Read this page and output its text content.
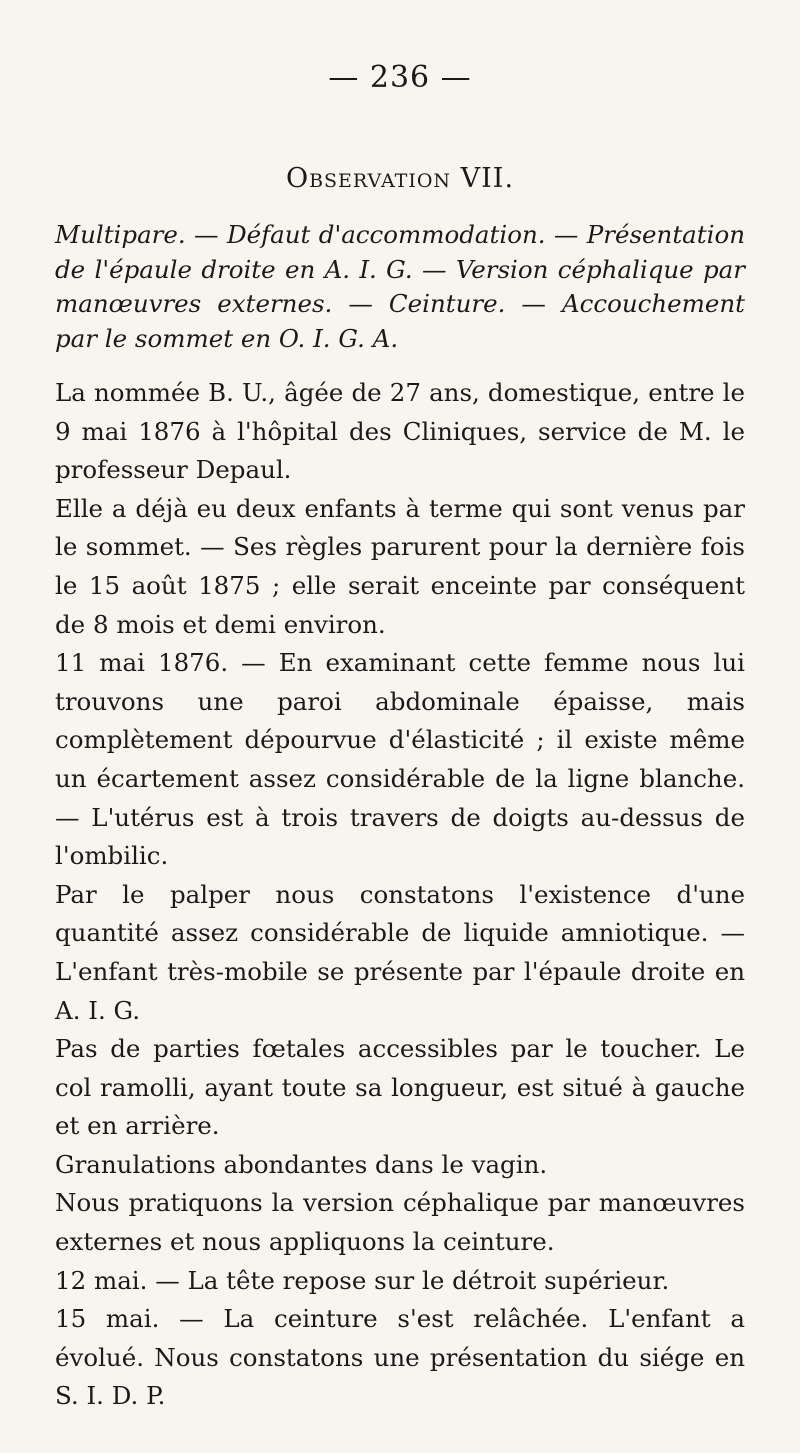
— 236 —
Observation VII.
Multipare. — Défaut d'accommodation. — Présentation de l'épaule droite en A. I. G. — Version céphalique par manœuvres externes. — Ceinture. — Accouchement par le sommet en O. I. G. A.

La nommée B. U., âgée de 27 ans, domestique, entre le 9 mai 1876 à l'hôpital des Cliniques, service de M. le professeur Depaul.

Elle a déjà eu deux enfants à terme qui sont venus par le sommet. — Ses règles parurent pour la dernière fois le 15 août 1875 ; elle serait enceinte par conséquent de 8 mois et demi environ.

11 mai 1876. — En examinant cette femme nous lui trouvons une paroi abdominale épaisse, mais complètement dépourvue d'élasticité ; il existe même un écartement assez considérable de la ligne blanche. — L'utérus est à trois travers de doigts au-dessus de l'ombilic.

Par le palper nous constatons l'existence d'une quantité assez considérable de liquide amniotique. — L'enfant très-mobile se présente par l'épaule droite en A. I. G.

Pas de parties fœtales accessibles par le toucher. Le col ramolli, ayant toute sa longueur, est situé à gauche et en arrière.

Granulations abondantes dans le vagin.

Nous pratiquons la version céphalique par manœuvres externes et nous appliquons la ceinture.

12 mai. — La tête repose sur le détroit supérieur.

15 mai. — La ceinture s'est relâchée. L'enfant a évolué. Nous constatons une présentation du siége en S. I. D. P.
